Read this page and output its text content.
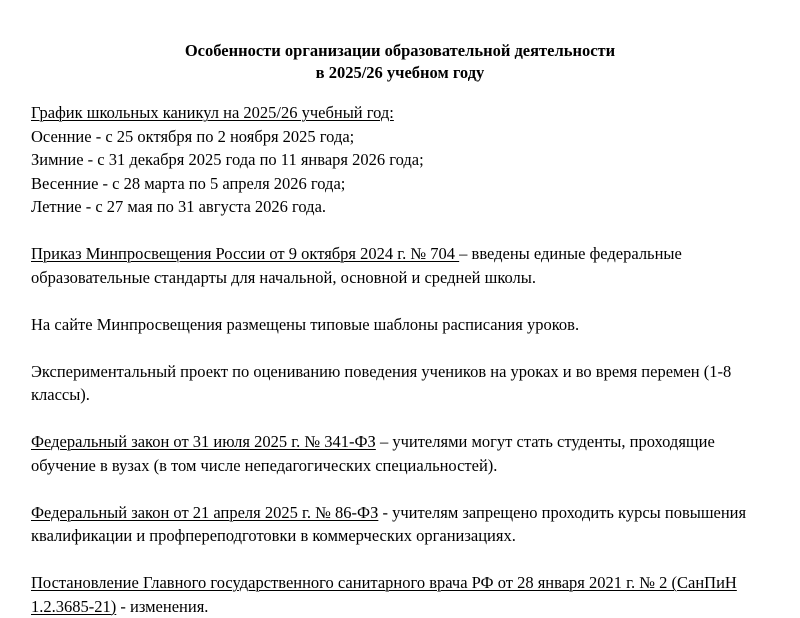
Особенности организации образовательной деятельности
в 2025/26 учебном году
График школьных каникул на 2025/26 учебный год:
Осенние - с 25 октября по 2 ноября 2025 года;
Зимние - с 31 декабря 2025 года по 11 января 2026 года;
Весенние - с 28 марта по 5 апреля 2026 года;
Летние - с 27 мая по 31 августа 2026 года.

Приказ Минпросвещения России от 9 октября 2024 г. № 704 – введены единые федеральные образовательные стандарты для начальной, основной и средней школы.

На сайте Минпросвещения размещены типовые шаблоны расписания уроков.

Экспериментальный проект по оцениванию поведения учеников на уроках и во время перемен (1-8 классы).

Федеральный закон от 31 июля 2025 г. № 341-ФЗ – учителями могут стать студенты, проходящие обучение в вузах (в том числе непедагогических специальностей).

Федеральный закон от 21 апреля 2025 г. № 86-ФЗ - учителям запрещено проходить курсы повышения квалификации и профпереподготовки в коммерческих организациях.

Постановление Главного государственного санитарного врача РФ от 28 января 2021 г. № 2 (СанПиН 1.2.3685-21) - изменения.
